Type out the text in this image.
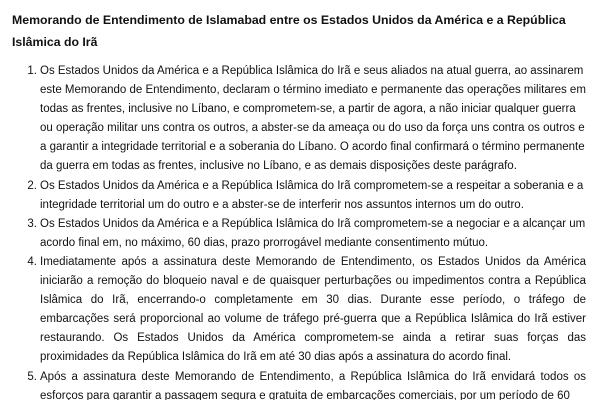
Memorando de Entendimento de Islamabad entre os Estados Unidos da América e a República Islâmica do Irã
1. Os Estados Unidos da América e a República Islâmica do Irã e seus aliados na atual guerra, ao assinarem este Memorando de Entendimento, declaram o término imediato e permanente das operações militares em todas as frentes, inclusive no Líbano, e comprometem-se, a partir de agora, a não iniciar qualquer guerra ou operação militar uns contra os outros, a abster-se da ameaça ou do uso da força uns contra os outros e a garantir a integridade territorial e a soberania do Líbano. O acordo final confirmará o término permanente da guerra em todas as frentes, inclusive no Líbano, e as demais disposições deste parágrafo.
2. Os Estados Unidos da América e a República Islâmica do Irã comprometem-se a respeitar a soberania e a integridade territorial um do outro e a abster-se de interferir nos assuntos internos um do outro.
3. Os Estados Unidos da América e a República Islâmica do Irã comprometem-se a negociar e a alcançar um acordo final em, no máximo, 60 dias, prazo prorrogável mediante consentimento mútuo.
4. Imediatamente após a assinatura deste Memorando de Entendimento, os Estados Unidos da América iniciarão a remoção do bloqueio naval e de quaisquer perturbações ou impedimentos contra a República Islâmica do Irã, encerrando-o completamente em 30 dias. Durante esse período, o tráfego de embarcações será proporcional ao volume de tráfego pré-guerra que a República Islâmica do Irã estiver restaurando. Os Estados Unidos da América comprometem-se ainda a retirar suas forças das proximidades da República Islâmica do Irã em até 30 dias após a assinatura do acordo final.
5. Após a assinatura deste Memorando de Entendimento, a República Islâmica do Irã envidará todos os esforços para garantir a passagem segura e gratuita de embarcações comerciais, por um período de 60
